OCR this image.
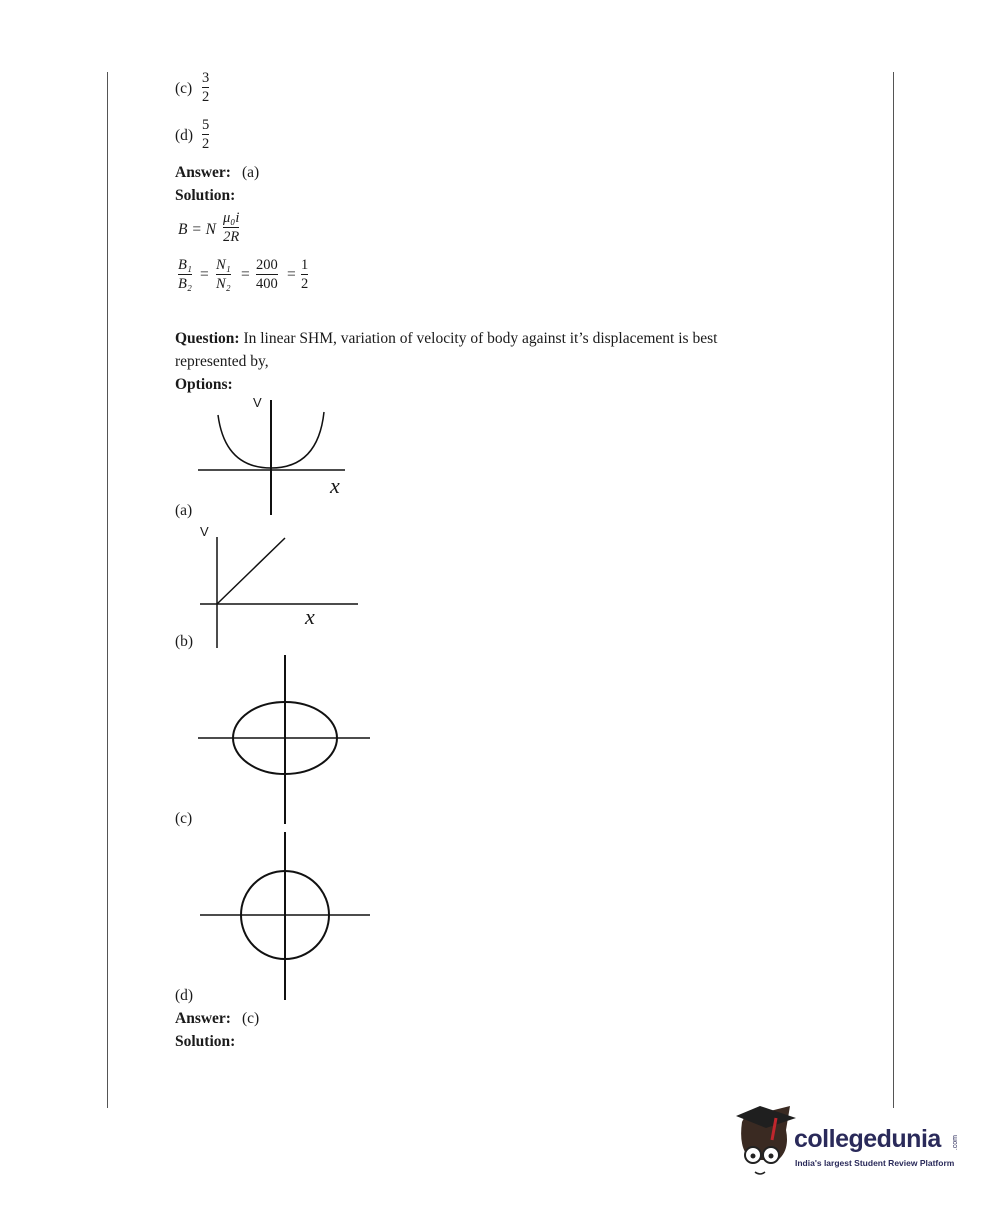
(c)
3
2
(d)
5
2
Answer: (a)
Solution:
B = N
μ₀i
2R
B₁
B₂
=
N₁
N₂
=
200
400
=
1
2
Question: In linear SHM, variation of velocity of body against it’s displacement is best
represented by,
Options:
V
x
(a)
V
x
(b)
(c)
(d)
Answer: (c)
Solution:
collegedunia .com
India's largest Student Review Platform
